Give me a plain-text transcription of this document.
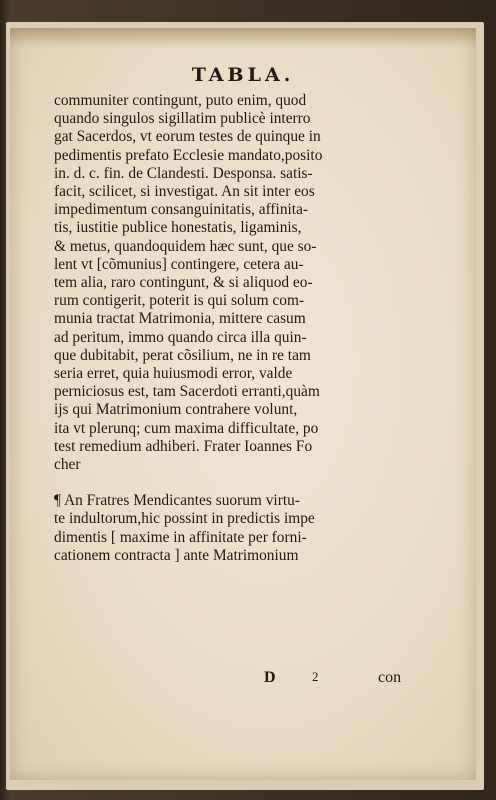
TABLA.
communiter contingunt, puto enim, quod
quando singulos sigillatim publicè interro
gat Sacerdos, vt eorum testes de quinque in
pedimentis prefato Ecclesie mandato,posito
in. d. c. fin. de Clandesti. Desponsa. satis-
facit, scilicet, si investigat. An sit inter eos
impedimentum consanguinitatis, affinita-
tis, iustitie publice honestatis, ligaminis,
& metus, quandoquidem hæc sunt, que so-
lent vt [cõmunius] contingere, cetera au-
tem alia, raro contingunt, & si aliquod eo-
rum contigerit, poterit is qui solum com-
munia tractat Matrimonia, mittere casum
ad peritum, immo quando circa illa quin-
que dubitabit, perat cõsilium, ne in re tam
seria erret, quia huiusmodi error, valde
perniciosus est, tam Sacerdoti erranti,quàm
ijs qui Matrimonium contrahere volunt,
ita vt plerunq; cum maxima difficultate, po
test remedium adhiberi. Frater Ioannes Fo
cher
¶ An Fratres Mendicantes suorum virtu-
te indultorum,hic possint in predictis impe
dimentis [ maxime in affinitate per forni-
cationem contracta ] ante Matrimonium
D	2	con
